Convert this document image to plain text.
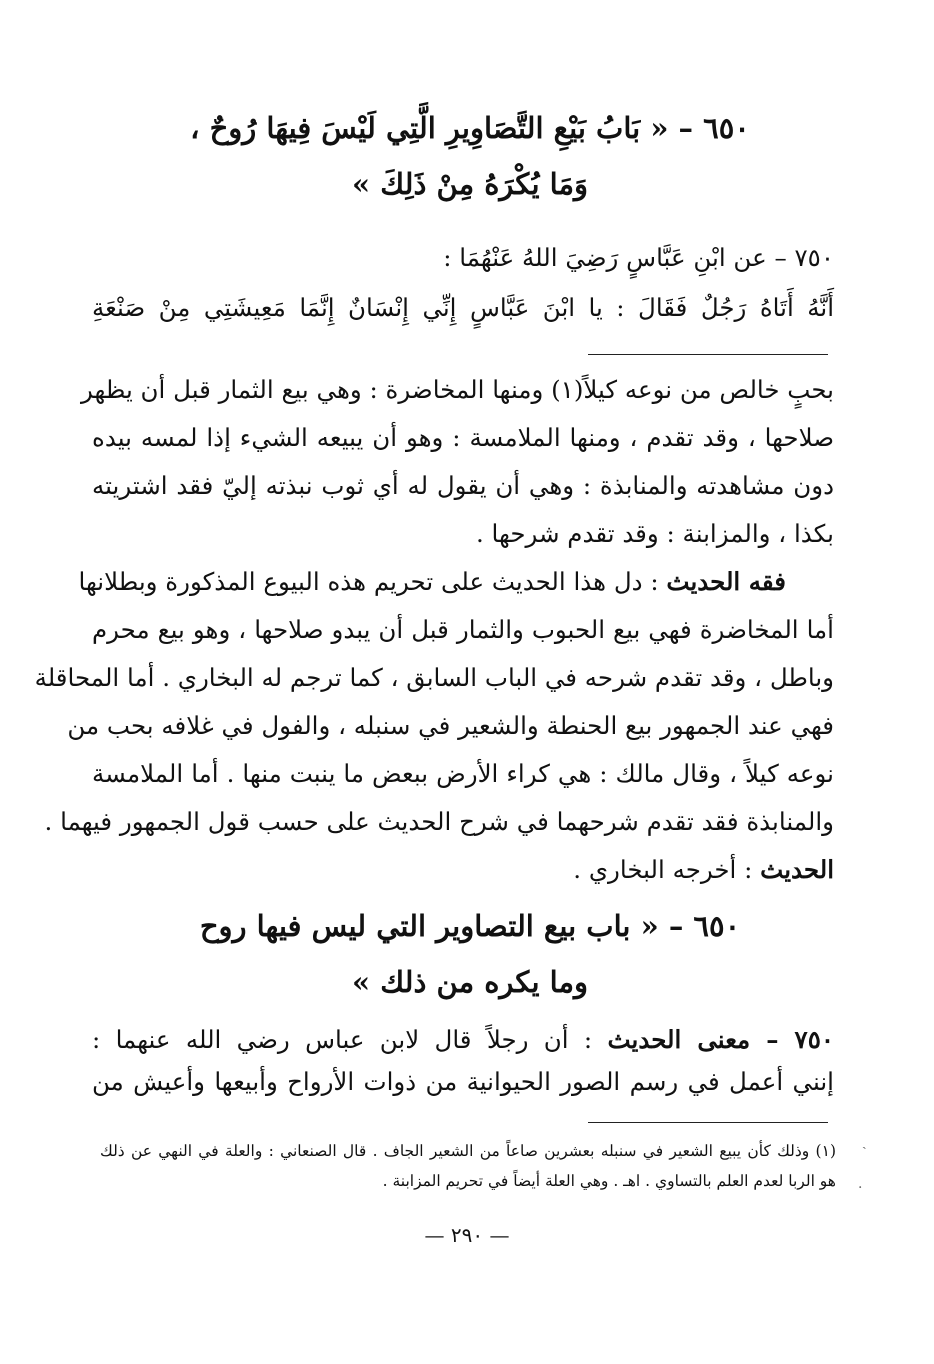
٦٥٠ – « بَابُ بَيْعِ التَّصَاوِيرِ الَّتِي لَيْسَ فِيهَا رُوحٌ ،
وَمَا يُكْرَهُ مِنْ ذَلِكَ »
٧٥٠ – عن ابْنِ عَبَّاسٍ رَضِيَ اللهُ عَنْهُمَا :
أَنَّهُ أَتَاهُ رَجُلٌ فَقَالَ : يا ابْنَ عَبَّاسٍ إِنِّي إِنْسَانٌ إِنَّمَا مَعِيشَتِي مِنْ صَنْعَةِ
بحبٍ خالص من نوعه كيلاً(١) ومنها المخاضرة : وهي بيع الثمار قبل أن يظهر
صلاحها ، وقد تقدم ، ومنها الملامسة : وهو أن يبيعه الشيء إذا لمسه بيده
دون مشاهدته والمنابذة : وهي أن يقول له أي ثوب نبذته إليّ فقد اشتريته
بكذا ، والمزابنة : وقد تقدم شرحها .
فقه الحديث : دل هذا الحديث على تحريم هذه البيوع المذكورة وبطلانها
أما المخاضرة فهي بيع الحبوب والثمار قبل أن يبدو صلاحها ، وهو بيع محرم
وباطل ، وقد تقدم شرحه في الباب السابق ، كما ترجم له البخاري . أما المحاقلة
فهي عند الجمهور بيع الحنطة والشعير في سنبله ، والفول في غلافه بحب من
نوعه كيلاً ، وقال مالك : هي كراء الأرض ببعض ما ينبت منها . أما الملامسة
والمنابذة فقد تقدم شرحهما في شرح الحديث على حسب قول الجمهور فيهما .
الحديث : أخرجه البخاري .
٦٥٠ – « باب بيع التصاوير التي ليس فيها روح
وما يكره من ذلك »
٧٥٠ – معنى الحديث : أن رجلاً قال لابن عباس رضي الله عنهما :
إنني أعمل في رسم الصور الحيوانية من ذوات الأرواح وأبيعها وأعيش من
(١) وذلك كأن يبيع الشعير في سنبله بعشرين صاعاً من الشعير الجاف . قال الصنعاني : والعلة في النهي عن ذلك
هو الربا لعدم العلم بالتساوي . اهـ . وهي العلة أيضاً في تحريم المزابنة .
— ٢٩٠ —
ˏ
·
